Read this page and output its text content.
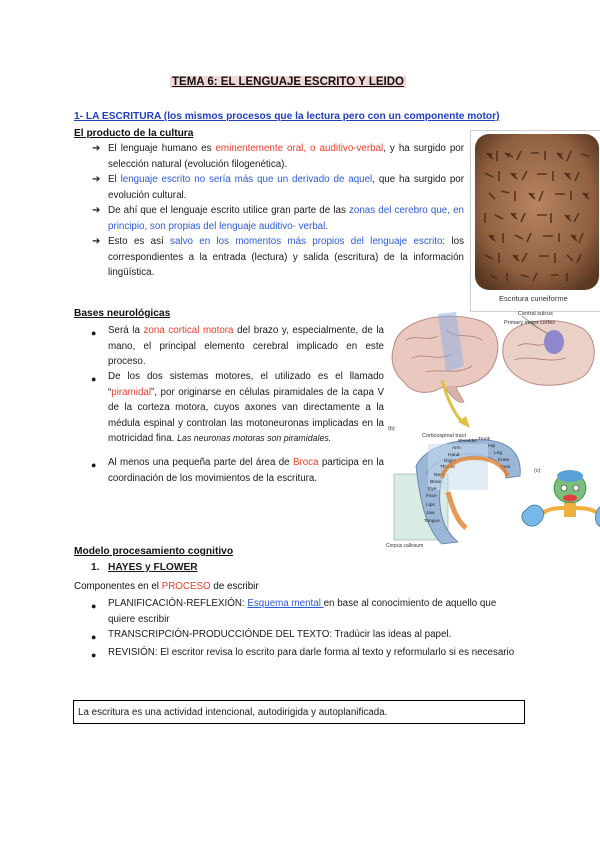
TEMA 6: EL LENGUAJE ESCRITO Y LEIDO
1- LA ESCRITURA (los mismos procesos que la lectura pero con un componente motor)
El producto de la cultura
➔ El lenguaje humano es eminentemente oral, o auditivo-verbal, y ha surgido por selección natural (evolución filogenética).
➔ El lenguaje escrito no sería más que un derivado de aquel, que ha surgido por evolución cultural.
➔ De ahí que el lenguaje escrito utilice gran parte de las zonas del cerebro que, en principio, son propias del lenguaje auditivo- verbal.
➔ Esto es así salvo en los momentos más propios del lenguaje escrito: los correspondientes a la entrada (lectura) y salida (escritura) de la información lingüística.
Escritura cuneiforme
Bases neurológicas
● Será la zona cortical motora del brazo y, especialmente, de la mano, el principal elemento cerebral implicado en este proceso.
● De los dos sistemas motores, el utilizado es el llamado “piramidal”, por originarse en células piramidales de la capa V de la corteza motora, cuyos axones van directamente a la médula espinal y controlan las motoneuronas implicadas en la motricidad fina. Las neuronas motoras son piramidales.
● Al menos una pequeña parte del área de Broca participa en la coordinación de los movimientos de la escritura.
Central sulcus
Primary motor cortex
(b)
Corticospinal tract
Shoulder
Arm
Hand
Digits
Thumb
Neck
Brow
Eye
Face
Lips
Jaw
Tongue
Trunk
Hip
Leg
Knee
Toes
Corpus callosum
(c)
Modelo procesamiento cognitivo
1. HAYES y FLOWER
Componentes en el PROCESO de escribir
● PLANIFICACIÓN-REFLEXIÓN: Esquema mental en base al conocimiento de aquello que quiere escribir
● TRANSCRIPCIÓN-PRODUCCIÓNDE DEL TEXTO: Tradúcir las ideas al papel.
● REVISIÓN: El escritor revisa lo escrito para darle forma al texto y reformularlo si es necesario
La escritura es una actividad intencional, autodirigida y autoplanificada.
